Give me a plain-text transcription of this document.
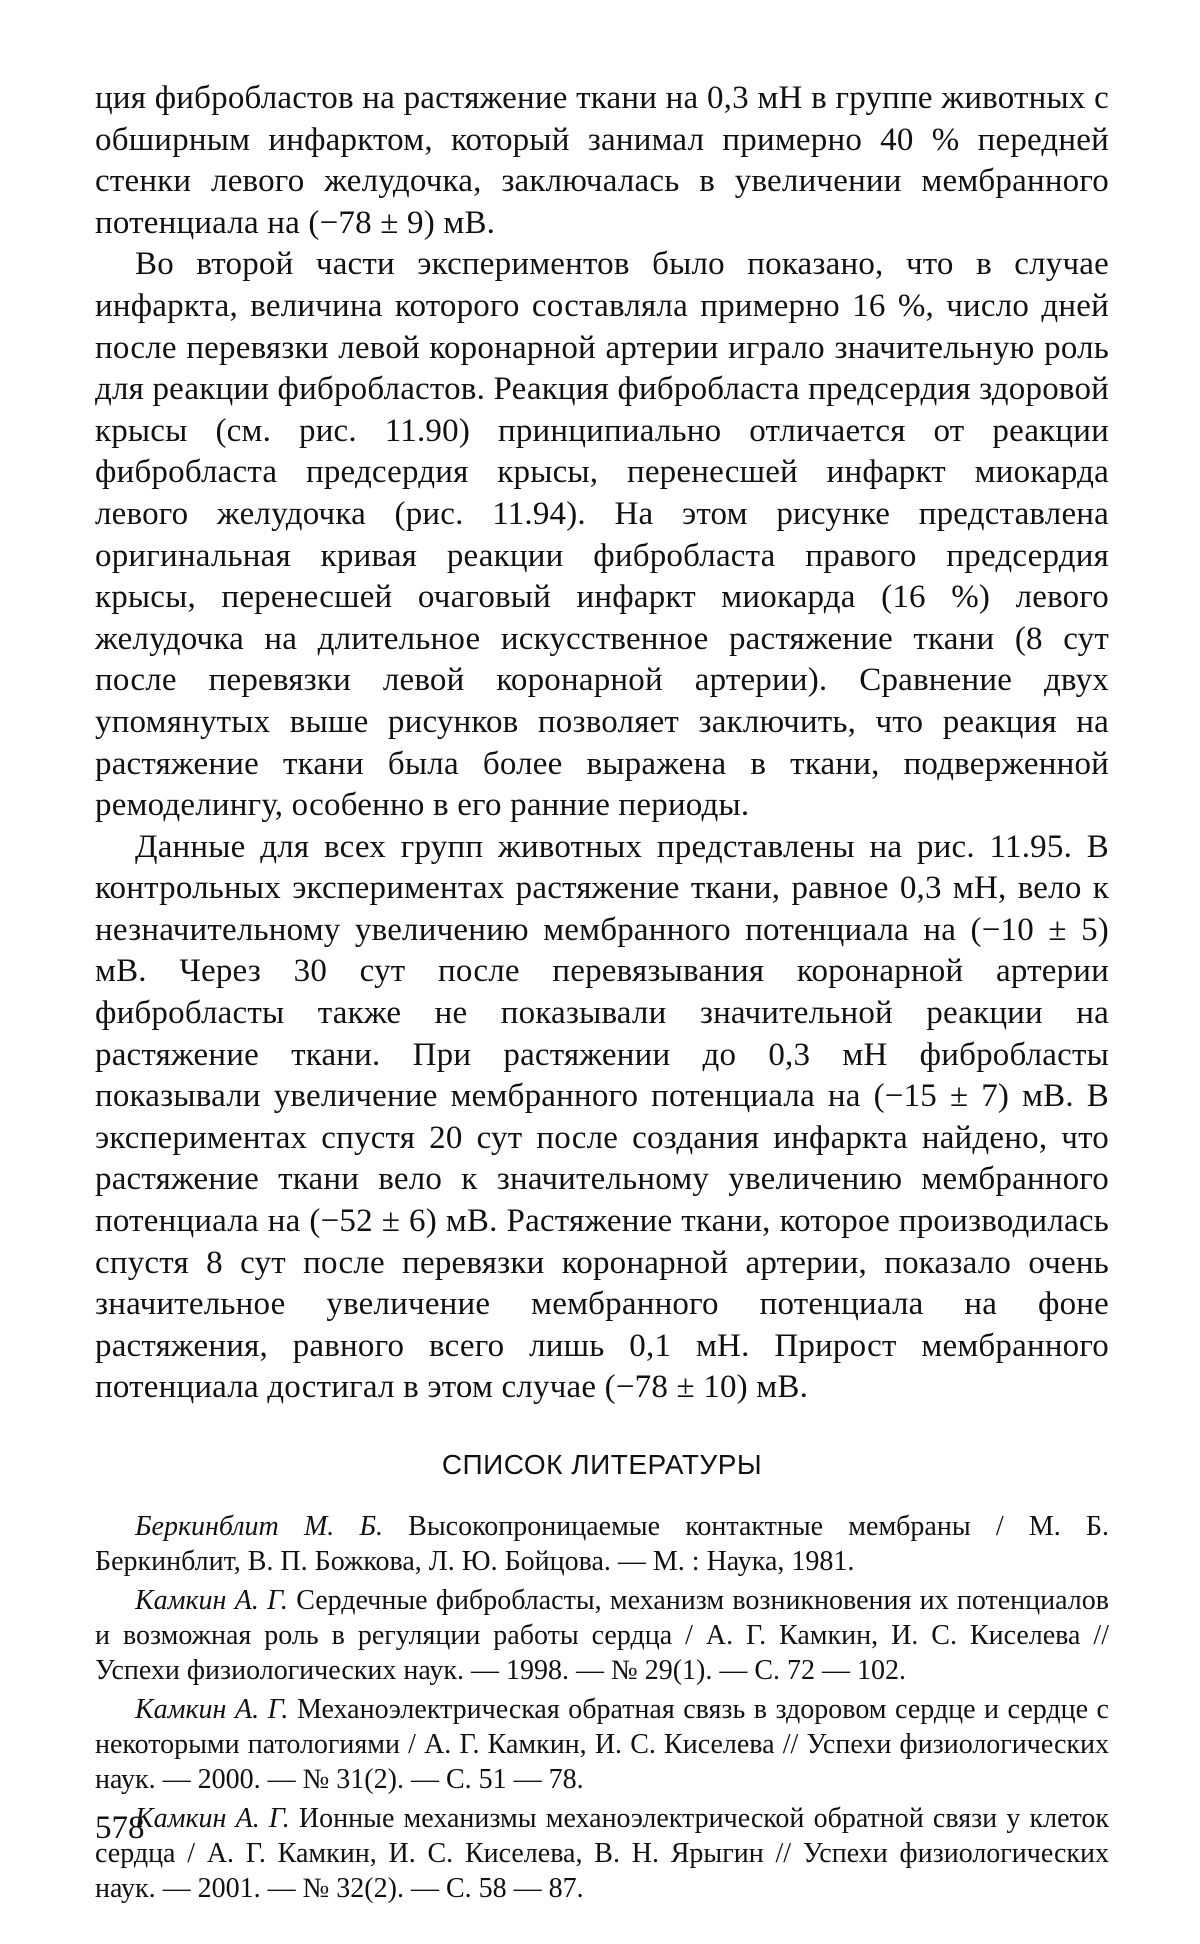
ция фибробластов на растяжение ткани на 0,3 мН в группе животных с обширным инфарктом, который занимал примерно 40 % передней стенки левого желудочка, заключалась в увеличении мембранного потенциала на (−78 ± 9) мВ.

Во второй части экспериментов было показано, что в случае инфаркта, величина которого составляла примерно 16 %, число дней после перевязки левой коронарной артерии играло значительную роль для реакции фибробластов. Реакция фибробласта предсердия здоровой крысы (см. рис. 11.90) принципиально отличается от реакции фибробласта предсердия крысы, перенесшей инфаркт миокарда левого желудочка (рис. 11.94). На этом рисунке представлена оригинальная кривая реакции фибробласта правого предсердия крысы, перенесшей очаговый инфаркт миокарда (16 %) левого желудочка на длительное искусственное растяжение ткани (8 сут после перевязки левой коронарной артерии). Сравнение двух упомянутых выше рисунков позволяет заключить, что реакция на растяжение ткани была более выражена в ткани, подверженной ремоделингу, особенно в его ранние периоды.

Данные для всех групп животных представлены на рис. 11.95. В контрольных экспериментах растяжение ткани, равное 0,3 мН, вело к незначительному увеличению мембранного потенциала на (−10 ± 5) мВ. Через 30 сут после перевязывания коронарной артерии фибробласты также не показывали значительной реакции на растяжение ткани. При растяжении до 0,3 мН фибробласты показывали увеличение мембранного потенциала на (−15 ± 7) мВ. В экспериментах спустя 20 сут после создания инфаркта найдено, что растяжение ткани вело к значительному увеличению мембранного потенциала на (−52 ± 6) мВ. Растяжение ткани, которое производилась спустя 8 сут после перевязки коронарной артерии, показало очень значительное увеличение мембранного потенциала на фоне растяжения, равного всего лишь 0,1 мН. Прирост мембранного потенциала достигал в этом случае (−78 ± 10) мВ.

СПИСОК ЛИТЕРАТУРЫ
Беркинблит М. Б. Высокопроницаемые контактные мембраны / М. Б. Беркинблит, В. П. Божкова, Л. Ю. Бойцова. — М. : Наука, 1981.
Камкин А. Г. Сердечные фибробласты, механизм возникновения их потенциалов и возможная роль в регуляции работы сердца / А. Г. Камкин, И. С. Киселева // Успехи физиологических наук. — 1998. — № 29(1). — С. 72 — 102.
Камкин А. Г. Механоэлектрическая обратная связь в здоровом сердце и сердце с некоторыми патологиями / А. Г. Камкин, И. С. Киселева // Успехи физиологических наук. — 2000. — № 31(2). — С. 51 — 78.
Камкин А. Г. Ионные механизмы механоэлектрической обратной связи у клеток сердца / А. Г. Камкин, И. С. Киселева, В. Н. Ярыгин // Успехи физиологических наук. — 2001. — № 32(2). — С. 58 — 87.
578
